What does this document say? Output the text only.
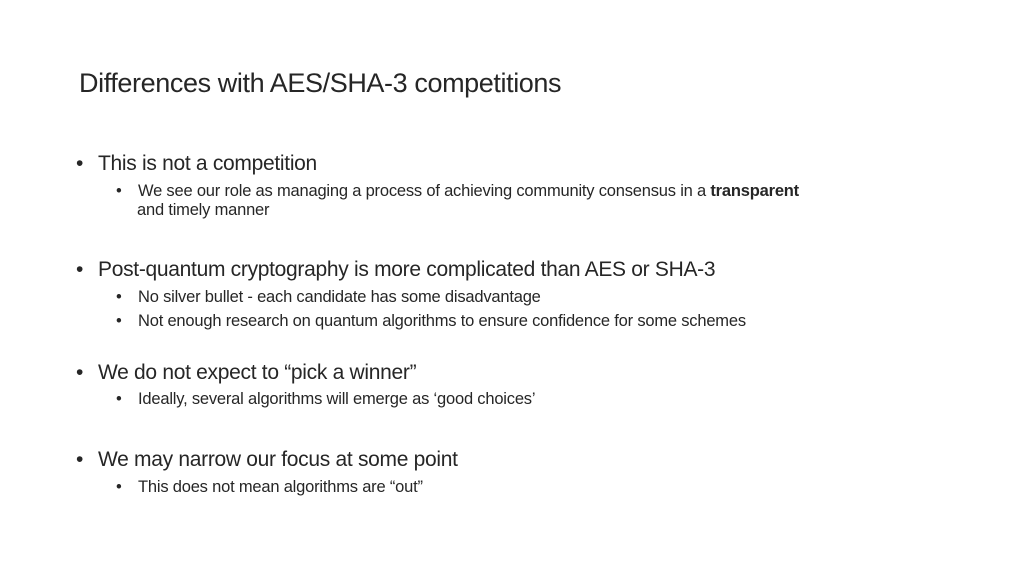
Differences with AES/SHA-3 competitions
• This is not a competition
• We see our role as managing a process of achieving community consensus in a transparent
and timely manner
• Post-quantum cryptography is more complicated than AES or SHA-3
• No silver bullet - each candidate has some disadvantage
• Not enough research on quantum algorithms to ensure confidence for some schemes
• We do not expect to “pick a winner”
• Ideally, several algorithms will emerge as ‘good choices’
• We may narrow our focus at some point
• This does not mean algorithms are “out”
